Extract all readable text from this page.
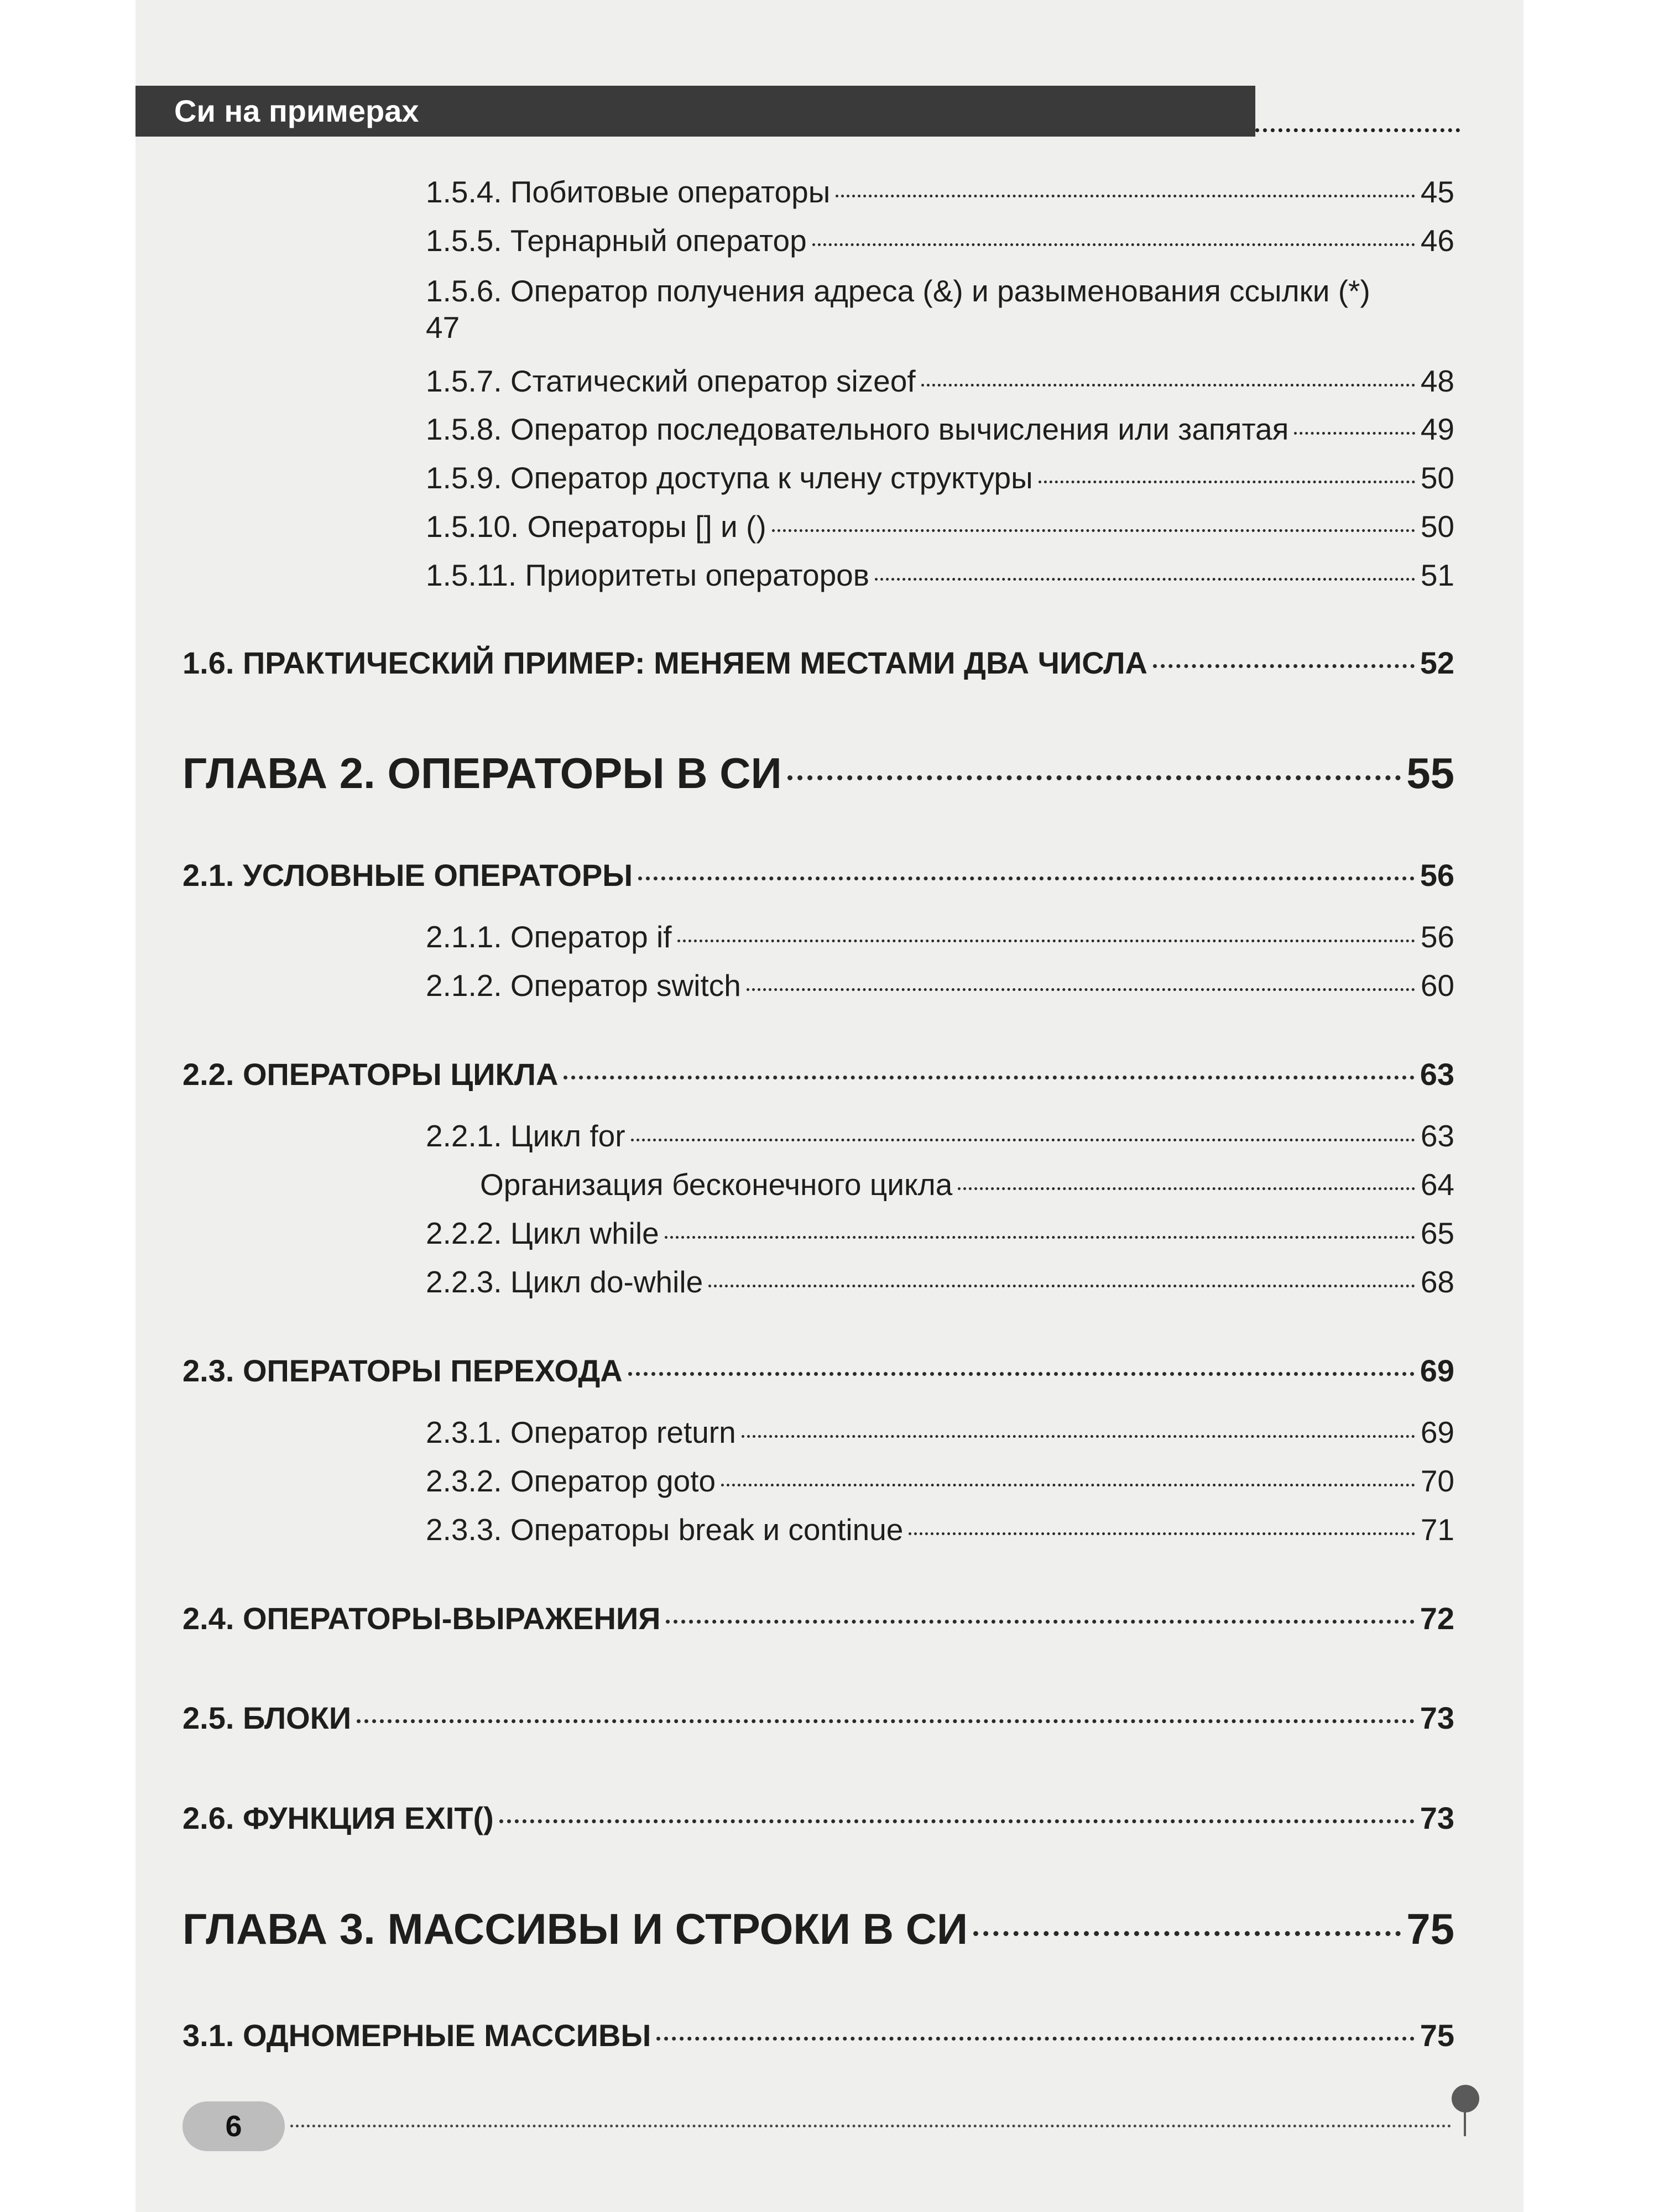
Си на примерах
1.5.4. Побитовые операторы	45
1.5.5. Тернарный оператор	46
1.5.6. Оператор получения адреса (&) и разыменования ссылки (*)
47
1.5.7. Статический оператор sizeof	48
1.5.8. Оператор последовательного вычисления или запятая	49
1.5.9. Оператор доступа к члену структуры	50
1.5.10. Операторы [] и ()	50
1.5.11. Приоритеты операторов	51
1.6. ПРАКТИЧЕСКИЙ ПРИМЕР: МЕНЯЕМ МЕСТАМИ ДВА ЧИСЛА	52
ГЛАВА 2. ОПЕРАТОРЫ В СИ	55
2.1. УСЛОВНЫЕ ОПЕРАТОРЫ	56
2.1.1. Оператор if	56
2.1.2. Оператор switch	60
2.2. ОПЕРАТОРЫ ЦИКЛА	63
2.2.1. Цикл for	63
Организация бесконечного цикла	64
2.2.2. Цикл while	65
2.2.3. Цикл do-while	68
2.3. ОПЕРАТОРЫ ПЕРЕХОДА	69
2.3.1. Оператор return	69
2.3.2. Оператор goto	70
2.3.3. Операторы break и continue	71
2.4. ОПЕРАТОРЫ-ВЫРАЖЕНИЯ	72
2.5. БЛОКИ	73
2.6. ФУНКЦИЯ EXIT()	73
ГЛАВА 3. МАССИВЫ И СТРОКИ В СИ	75
3.1. ОДНОМЕРНЫЕ МАССИВЫ	75
6
